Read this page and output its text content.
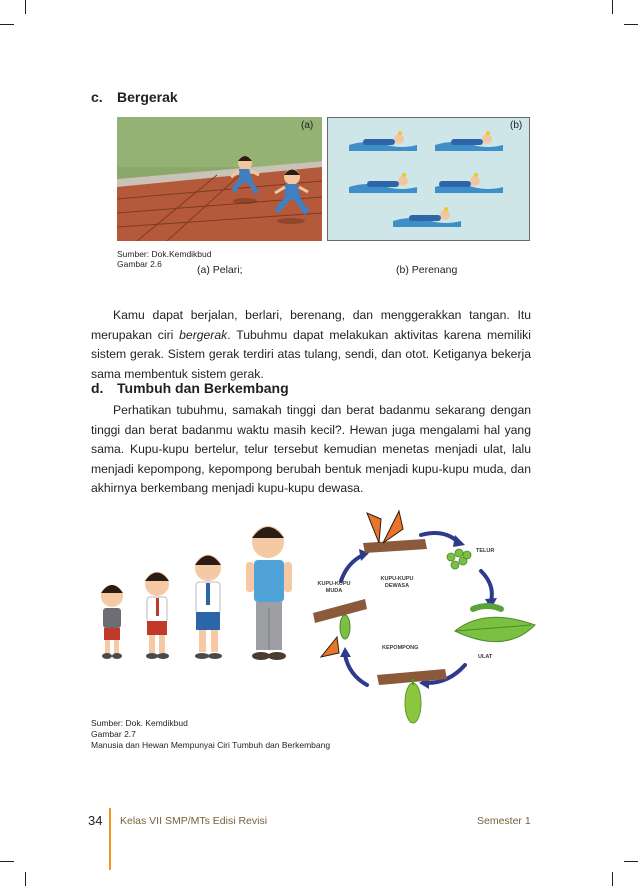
c. Bergerak
(a)	(b)
Sumber: Dok.Kemdikbud
Gambar 2.6	(a) Pelari;	(b) Perenang
Kamu dapat berjalan, berlari, berenang, dan menggerakkan tangan. Itu merupakan ciri bergerak. Tubuhmu dapat melakukan aktivitas karena memiliki sistem gerak. Sistem gerak terdiri atas tulang, sendi, dan otot. Ketiganya bekerja sama membentuk sistem gerak.
d. Tumbuh dan Berkembang
Perhatikan tubuhmu, samakah tinggi dan berat badanmu sekarang dengan tinggi dan berat badanmu waktu masih kecil?. Hewan juga mengalami hal yang sama. Kupu-kupu bertelur, telur tersebut kemudian menetas menjadi ulat, lalu menjadi kepompong, kepompong berubah bentuk menjadi kupu-kupu muda, dan akhirnya berkembang menjadi kupu-kupu dewasa.
TELUR
KUPU-KUPU DEWASA
KUPU-KUPU MUDA
KEPOMPONG
ULAT
Sumber: Dok. Kemdikbud
Gambar 2.7
Manusia dan Hewan Mempunyai Ciri Tumbuh dan Berkembang
34 Kelas VII SMP/MTs Edisi Revisi	Semester 1
